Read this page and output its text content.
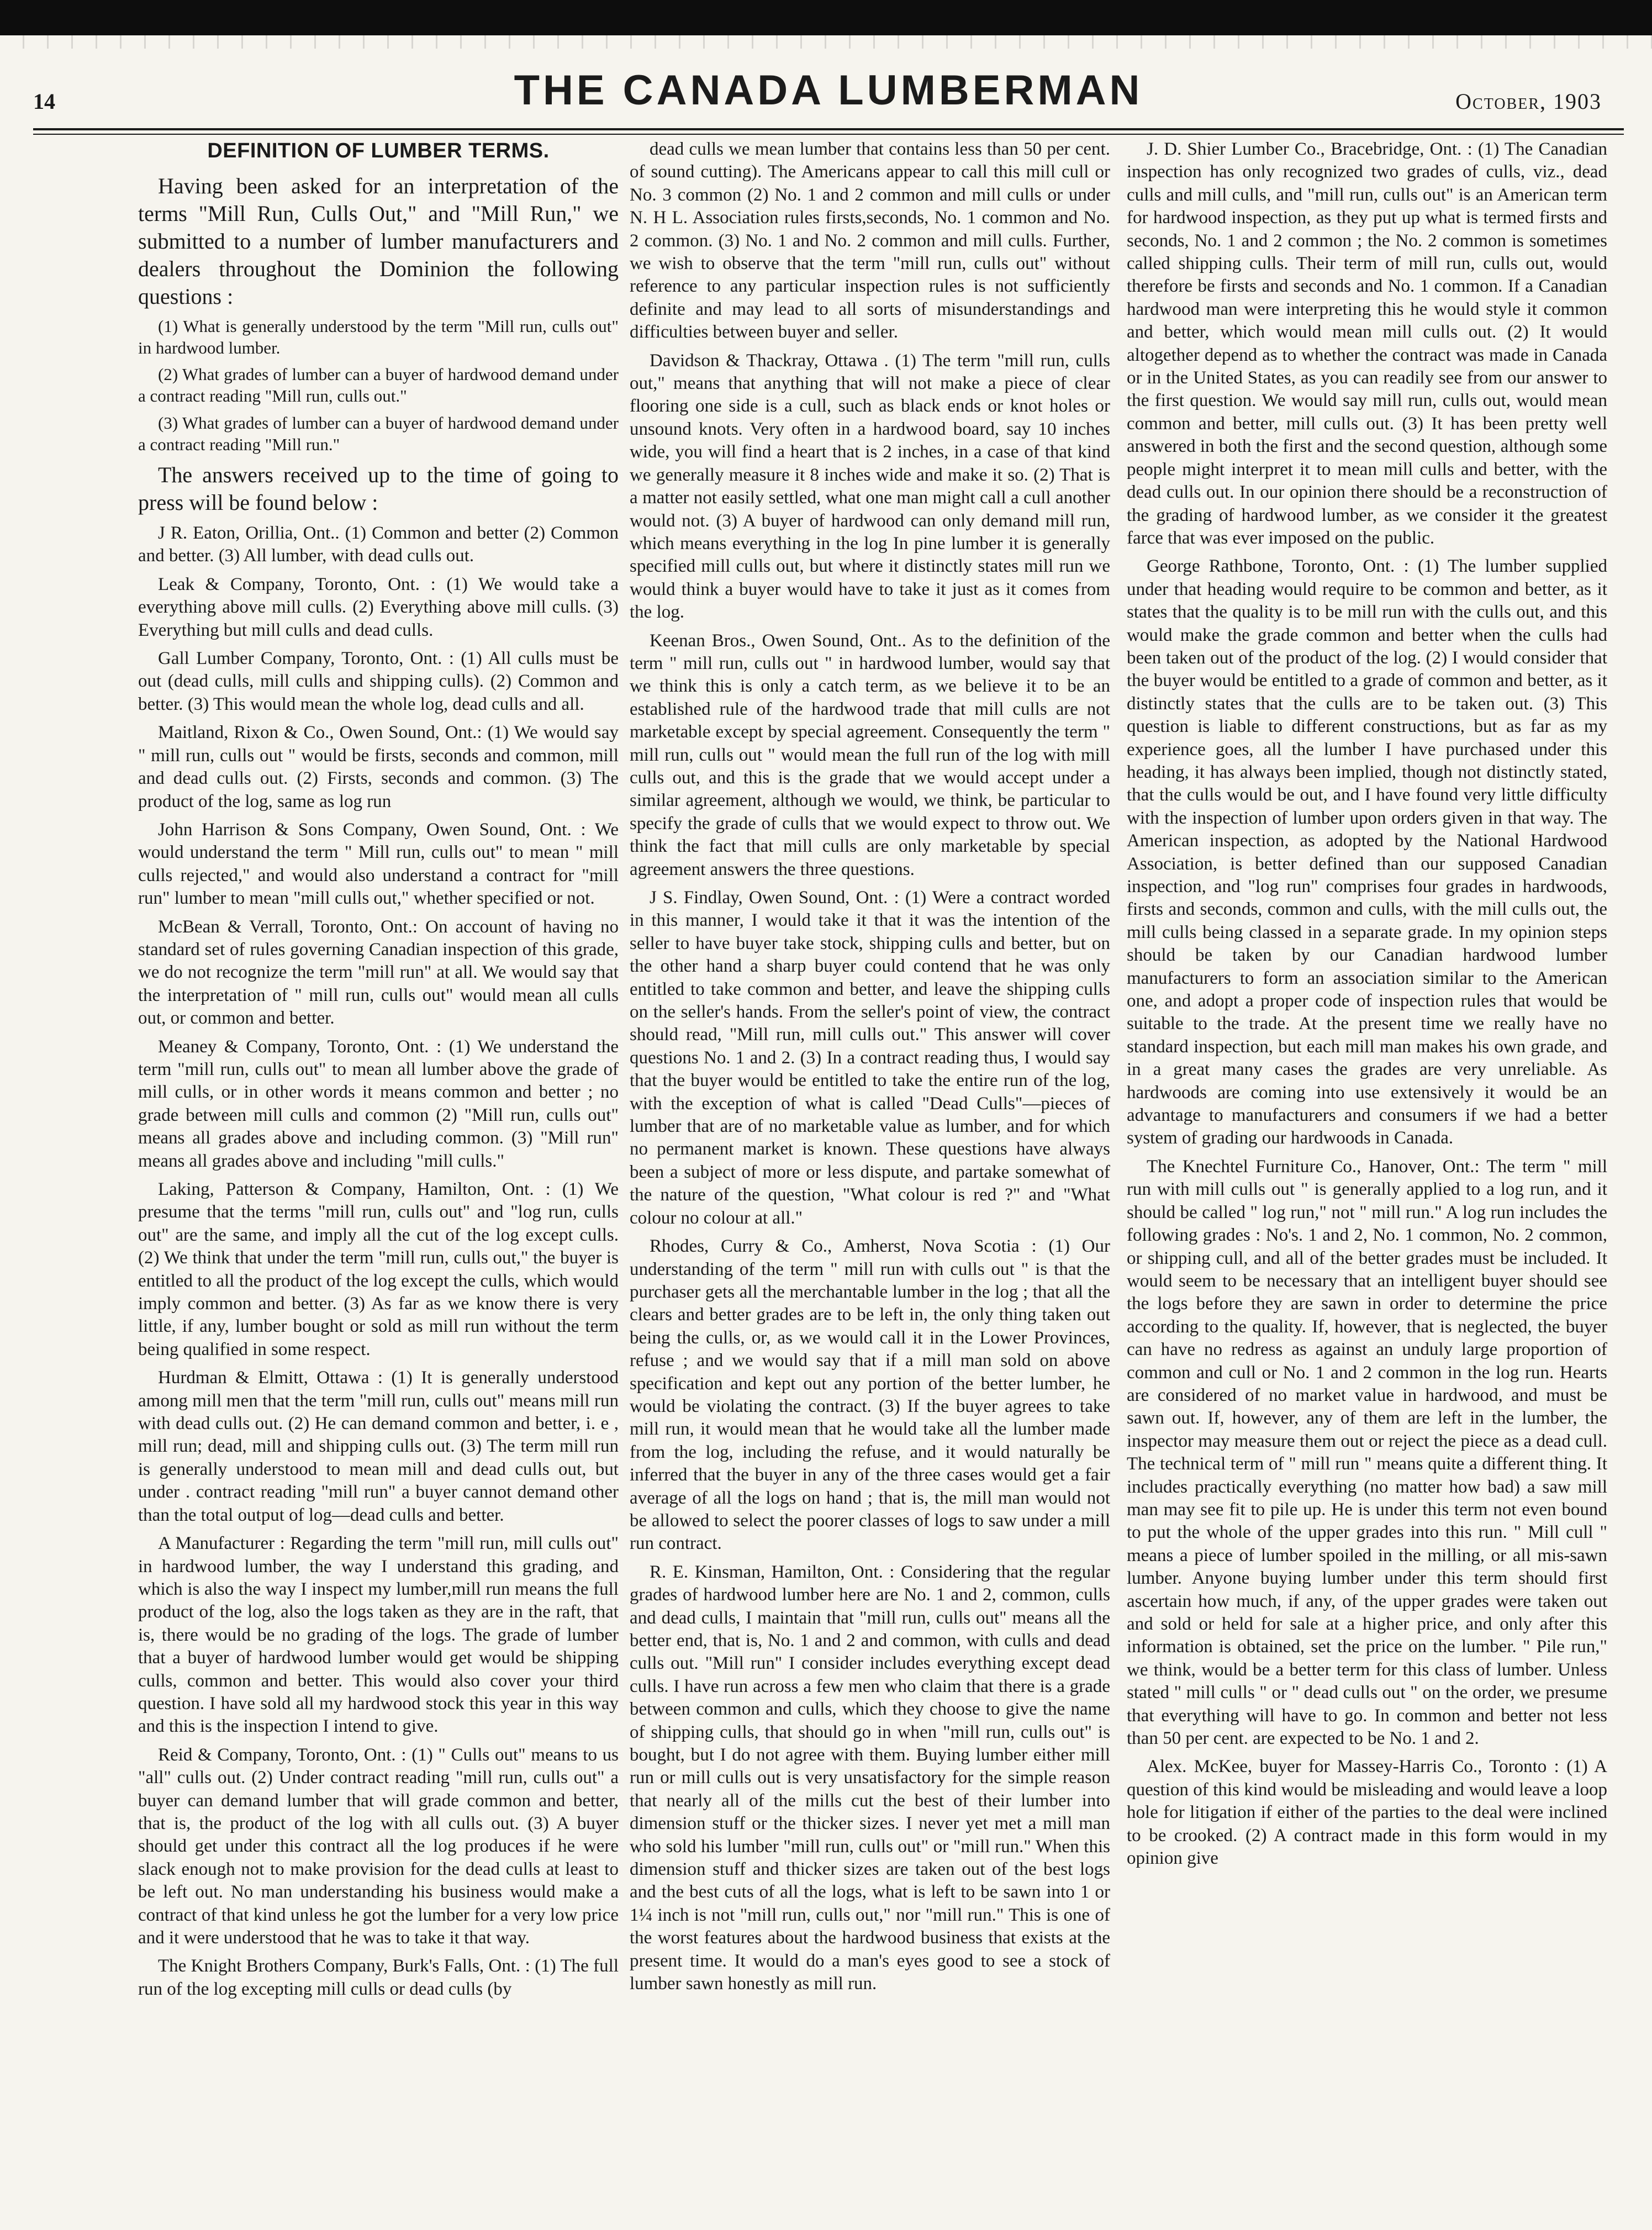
14	THE CANADA LUMBERMAN	October, 1903
DEFINITION OF LUMBER TERMS.

Having been asked for an interpretation of the terms "Mill Run, Culls Out," and "Mill Run," we submitted to a number of lumber manufacturers and dealers throughout the Dominion the following questions :

(1) What is generally understood by the term "Mill run, culls out" in hardwood lumber.

(2) What grades of lumber can a buyer of hardwood demand under a contract reading "Mill run, culls out."

(3) What grades of lumber can a buyer of hardwood demand under a contract reading "Mill run."

The answers received up to the time of going to press will be found below :

J R. Eaton, Orillia, Ont.. (1) Common and better (2) Common and better. (3) All lumber, with dead culls out.

Leak & Company, Toronto, Ont. : (1) We would take a everything above mill culls. (2) Everything above mill culls. (3) Everything but mill culls and dead culls.

Gall Lumber Company, Toronto, Ont. : (1) All culls must be out (dead culls, mill culls and shipping culls). (2) Common and better. (3) This would mean the whole log, dead culls and all.

Maitland, Rixon & Co., Owen Sound, Ont.: (1) We would say " mill run, culls out " would be firsts, seconds and common, mill and dead culls out. (2) Firsts, seconds and common. (3) The product of the log, same as log run

John Harrison & Sons Company, Owen Sound, Ont. : We would understand the term " Mill run, culls out" to mean " mill culls rejected," and would also understand a contract for "mill run" lumber to mean "mill culls out," whether specified or not.

McBean & Verrall, Toronto, Ont.: On account of having no standard set of rules governing Canadian inspection of this grade, we do not recognize the term "mill run" at all. We would say that the interpretation of " mill run, culls out" would mean all culls out, or common and better.

Meaney & Company, Toronto, Ont. : (1) We understand the term "mill run, culls out" to mean all lumber above the grade of mill culls, or in other words it means common and better ; no grade between mill culls and common (2) "Mill run, culls out" means all grades above and including common. (3) "Mill run" means all grades above and including "mill culls."

Laking, Patterson & Company, Hamilton, Ont. : (1) We presume that the terms "mill run, culls out" and "log run, culls out" are the same, and imply all the cut of the log except culls. (2) We think that under the term "mill run, culls out," the buyer is entitled to all the product of the log except the culls, which would imply common and better. (3) As far as we know there is very little, if any, lumber bought or sold as mill run without the term being qualified in some respect.

Hurdman & Elmitt, Ottawa : (1) It is generally understood among mill men that the term "mill run, culls out" means mill run with dead culls out. (2) He can demand common and better, i. e , mill run; dead, mill and shipping culls out. (3) The term mill run is generally understood to mean mill and dead culls out, but under . contract reading "mill run" a buyer cannot demand other than the total output of log—dead culls and better.

A Manufacturer : Regarding the term "mill run, mill culls out" in hardwood lumber, the way I understand this grading, and which is also the way I inspect my lumber,mill run means the full product of the log, also the logs taken as they are in the raft, that is, there would be no grading of the logs. The grade of lumber that a buyer of hardwood lumber would get would be shipping culls, common and better. This would also cover your third question. I have sold all my hardwood stock this year in this way and this is the inspection I intend to give.

Reid & Company, Toronto, Ont. : (1) " Culls out" means to us "all" culls out. (2) Under contract reading "mill run, culls out" a buyer can demand lumber that will grade common and better, that is, the product of the log with all culls out. (3) A buyer should get under this contract all the log produces if he were slack enough not to make provision for the dead culls at least to be left out. No man understanding his business would make a contract of that kind unless he got the lumber for a very low price and it were understood that he was to take it that way.

The Knight Brothers Company, Burk's Falls, Ont. : (1) The full run of the log excepting mill culls or dead culls (by

dead culls we mean lumber that contains less than 50 per cent. of sound cutting). The Americans appear to call this mill cull or No. 3 common (2) No. 1 and 2 common and mill culls or under N. H L. Association rules firsts,seconds, No. 1 common and No. 2 common. (3) No. 1 and No. 2 common and mill culls. Further, we wish to observe that the term "mill run, culls out" without reference to any particular inspection rules is not sufficiently definite and may lead to all sorts of misunderstandings and difficulties between buyer and seller.

Davidson & Thackray, Ottawa . (1) The term "mill run, culls out," means that anything that will not make a piece of clear flooring one side is a cull, such as black ends or knot holes or unsound knots. Very often in a hardwood board, say 10 inches wide, you will find a heart that is 2 inches, in a case of that kind we generally measure it 8 inches wide and make it so. (2) That is a matter not easily settled, what one man might call a cull another would not. (3) A buyer of hardwood can only demand mill run, which means everything in the log In pine lumber it is generally specified mill culls out, but where it distinctly states mill run we would think a buyer would have to take it just as it comes from the log.

Keenan Bros., Owen Sound, Ont.. As to the definition of the term " mill run, culls out " in hardwood lumber, would say that we think this is only a catch term, as we believe it to be an established rule of the hardwood trade that mill culls are not marketable except by special agreement. Consequently the term " mill run, culls out " would mean the full run of the log with mill culls out, and this is the grade that we would accept under a similar agreement, although we would, we think, be particular to specify the grade of culls that we would expect to throw out. We think the fact that mill culls are only marketable by special agreement answers the three questions.

J S. Findlay, Owen Sound, Ont. : (1) Were a contract worded in this manner, I would take it that it was the intention of the seller to have buyer take stock, shipping culls and better, but on the other hand a sharp buyer could contend that he was only entitled to take common and better, and leave the shipping culls on the seller's hands. From the seller's point of view, the contract should read, "Mill run, mill culls out." This answer will cover questions No. 1 and 2. (3) In a contract reading thus, I would say that the buyer would be entitled to take the entire run of the log, with the exception of what is called "Dead Culls"—pieces of lumber that are of no marketable value as lumber, and for which no permanent market is known. These questions have always been a subject of more or less dispute, and partake somewhat of the nature of the question, "What colour is red ?" and "What colour no colour at all."

Rhodes, Curry & Co., Amherst, Nova Scotia : (1) Our understanding of the term " mill run with culls out " is that the purchaser gets all the merchantable lumber in the log ; that all the clears and better grades are to be left in, the only thing taken out being the culls, or, as we would call it in the Lower Provinces, refuse ; and we would say that if a mill man sold on above specification and kept out any portion of the better lumber, he would be violating the contract. (3) If the buyer agrees to take mill run, it would mean that he would take all the lumber made from the log, including the refuse, and it would naturally be inferred that the buyer in any of the three cases would get a fair average of all the logs on hand ; that is, the mill man would not be allowed to select the poorer classes of logs to saw under a mill run contract.

R. E. Kinsman, Hamilton, Ont. : Considering that the regular grades of hardwood lumber here are No. 1 and 2, common, culls and dead culls, I maintain that "mill run, culls out" means all the better end, that is, No. 1 and 2 and common, with culls and dead culls out. "Mill run" I consider includes everything except dead culls. I have run across a few men who claim that there is a grade between common and culls, which they choose to give the name of shipping culls, that should go in when "mill run, culls out" is bought, but I do not agree with them. Buying lumber either mill run or mill culls out is very unsatisfactory for the simple reason that nearly all of the mills cut the best of their lumber into dimension stuff or the thicker sizes. I never yet met a mill man who sold his lumber "mill run, culls out" or "mill run." When this dimension stuff and thicker sizes are taken out of the best logs and the best cuts of all the logs, what is left to be sawn into 1 or 1¼ inch is not "mill run, culls out," nor "mill run." This is one of the worst features about the hardwood business that exists at the present time. It would do a man's eyes good to see a stock of lumber sawn honestly as mill run.

J. D. Shier Lumber Co., Bracebridge, Ont. : (1) The Canadian inspection has only recognized two grades of culls, viz., dead culls and mill culls, and "mill run, culls out" is an American term for hardwood inspection, as they put up what is termed firsts and seconds, No. 1 and 2 common ; the No. 2 common is sometimes called shipping culls. Their term of mill run, culls out, would therefore be firsts and seconds and No. 1 common. If a Canadian hardwood man were interpreting this he would style it common and better, which would mean mill culls out. (2) It would altogether depend as to whether the contract was made in Canada or in the United States, as you can readily see from our answer to the first question. We would say mill run, culls out, would mean common and better, mill culls out. (3) It has been pretty well answered in both the first and the second question, although some people might interpret it to mean mill culls and better, with the dead culls out. In our opinion there should be a reconstruction of the grading of hardwood lumber, as we consider it the greatest farce that was ever imposed on the public.

George Rathbone, Toronto, Ont. : (1) The lumber supplied under that heading would require to be common and better, as it states that the quality is to be mill run with the culls out, and this would make the grade common and better when the culls had been taken out of the product of the log. (2) I would consider that the buyer would be entitled to a grade of common and better, as it distinctly states that the culls are to be taken out. (3) This question is liable to different constructions, but as far as my experience goes, all the lumber I have purchased under this heading, it has always been implied, though not distinctly stated, that the culls would be out, and I have found very little difficulty with the inspection of lumber upon orders given in that way. The American inspection, as adopted by the National Hardwood Association, is better defined than our supposed Canadian inspection, and "log run" comprises four grades in hardwoods, firsts and seconds, common and culls, with the mill culls out, the mill culls being classed in a separate grade. In my opinion steps should be taken by our Canadian hardwood lumber manufacturers to form an association similar to the American one, and adopt a proper code of inspection rules that would be suitable to the trade. At the present time we really have no standard inspection, but each mill man makes his own grade, and in a great many cases the grades are very unreliable. As hardwoods are coming into use extensively it would be an advantage to manufacturers and consumers if we had a better system of grading our hardwoods in Canada.

The Knechtel Furniture Co., Hanover, Ont.: The term " mill run with mill culls out " is generally applied to a log run, and it should be called " log run," not " mill run." A log run includes the following grades : No's. 1 and 2, No. 1 common, No. 2 common, or shipping cull, and all of the better grades must be included. It would seem to be necessary that an intelligent buyer should see the logs before they are sawn in order to determine the price according to the quality. If, however, that is neglected, the buyer can have no redress as against an unduly large proportion of common and cull or No. 1 and 2 common in the log run. Hearts are considered of no market value in hardwood, and must be sawn out. If, however, any of them are left in the lumber, the inspector may measure them out or reject the piece as a dead cull. The technical term of " mill run " means quite a different thing. It includes practically everything (no matter how bad) a saw mill man may see fit to pile up. He is under this term not even bound to put the whole of the upper grades into this run. " Mill cull " means a piece of lumber spoiled in the milling, or all mis-sawn lumber. Anyone buying lumber under this term should first ascertain how much, if any, of the upper grades were taken out and sold or held for sale at a higher price, and only after this information is obtained, set the price on the lumber. " Pile run," we think, would be a better term for this class of lumber. Unless stated " mill culls " or " dead culls out " on the order, we presume that everything will have to go. In common and better not less than 50 per cent. are expected to be No. 1 and 2.

Alex. McKee, buyer for Massey-Harris Co., Toronto : (1) A question of this kind would be misleading and would leave a loop hole for litigation if either of the parties to the deal were inclined to be crooked. (2) A contract made in this form would in my opinion give
